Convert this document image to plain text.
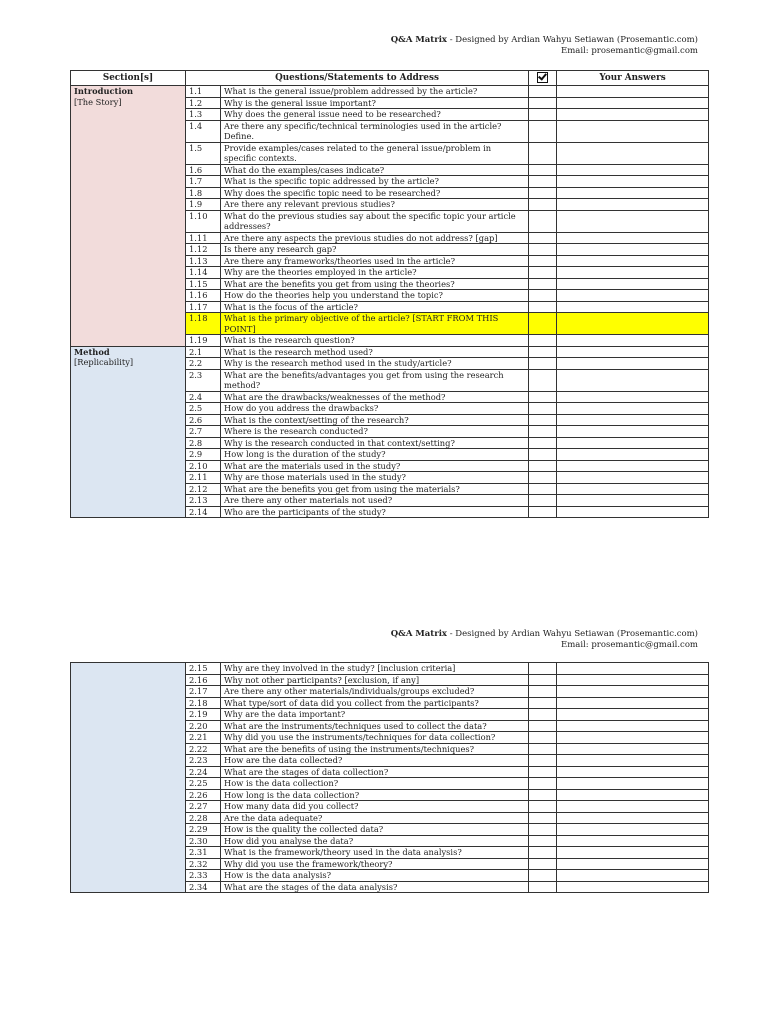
Q&A Matrix - Designed by Ardian Wahyu Setiawan (Prosemantic.com)
Email: prosemantic@gmail.com
Section[s]	Questions/Statements to Address			Your Answers

Introduction
[The Story]	1.1	What is the general issue/problem addressed by the article?		
	1.2	Why is the general issue important?		
	1.3	Why does the general issue need to be researched?		
	1.4	Are there any specific/technical terminologies used in the article? Define.		
	1.5	Provide examples/cases related to the general issue/problem in specific contexts.		
	1.6	What do the examples/cases indicate?		
	1.7	What is the specific topic addressed by the article?		
	1.8	Why does the specific topic need to be researched?		
	1.9	Are there any relevant previous studies?		
	1.10	What do the previous studies say about the specific topic your article addresses?		
	1.11	Are there any aspects the previous studies do not address? [gap]		
	1.12	Is there any research gap?		
	1.13	Are there any frameworks/theories used in the article?		
	1.14	Why are the theories employed in the article?		
	1.15	What are the benefits you get from using the theories?		
	1.16	How do the theories help you understand the topic?		
	1.17	What is the focus of the article?		
	1.18	What is the primary objective of the article? [START FROM THIS POINT]		
	1.19	What is the research question?		

Method
[Replicability]	2.1	What is the research method used?		
	2.2	Why is the research method used in the study/article?		
	2.3	What are the benefits/advantages you get from using the research method?		
	2.4	What are the drawbacks/weaknesses of the method?		
	2.5	How do you address the drawbacks?		
	2.6	What is the context/setting of the research?		
	2.7	Where is the research conducted?		
	2.8	Why is the research conducted in that context/setting?		
	2.9	How long is the duration of the study?		
	2.10	What are the materials used in the study?		
	2.11	Why are those materials used in the study?		
	2.12	What are the benefits you get from using the materials?		
	2.13	Are there any other materials not used?		
	2.14	Who are the participants of the study?		
Q&A Matrix - Designed by Ardian Wahyu Setiawan (Prosemantic.com)
Email: prosemantic@gmail.com
	2.15	Why are they involved in the study? [inclusion criteria]		
	2.16	Why not other participants? [exclusion, if any]		
	2.17	Are there any other materials/individuals/groups excluded?		
	2.18	What type/sort of data did you collect from the participants?		
	2.19	Why are the data important?		
	2.20	What are the instruments/techniques used to collect the data?		
	2.21	Why did you use the instruments/techniques for data collection?		
	2.22	What are the benefits of using the instruments/techniques?		
	2.23	How are the data collected?		
	2.24	What are the stages of data collection?		
	2.25	How is the data collection?		
	2.26	How long is the data collection?		
	2.27	How many data did you collect?		
	2.28	Are the data adequate?		
	2.29	How is the quality the collected data?		
	2.30	How did you analyse the data?		
	2.31	What is the framework/theory used in the data analysis?		
	2.32	Why did you use the framework/theory?		
	2.33	How is the data analysis?		
	2.34	What are the stages of the data analysis?		
